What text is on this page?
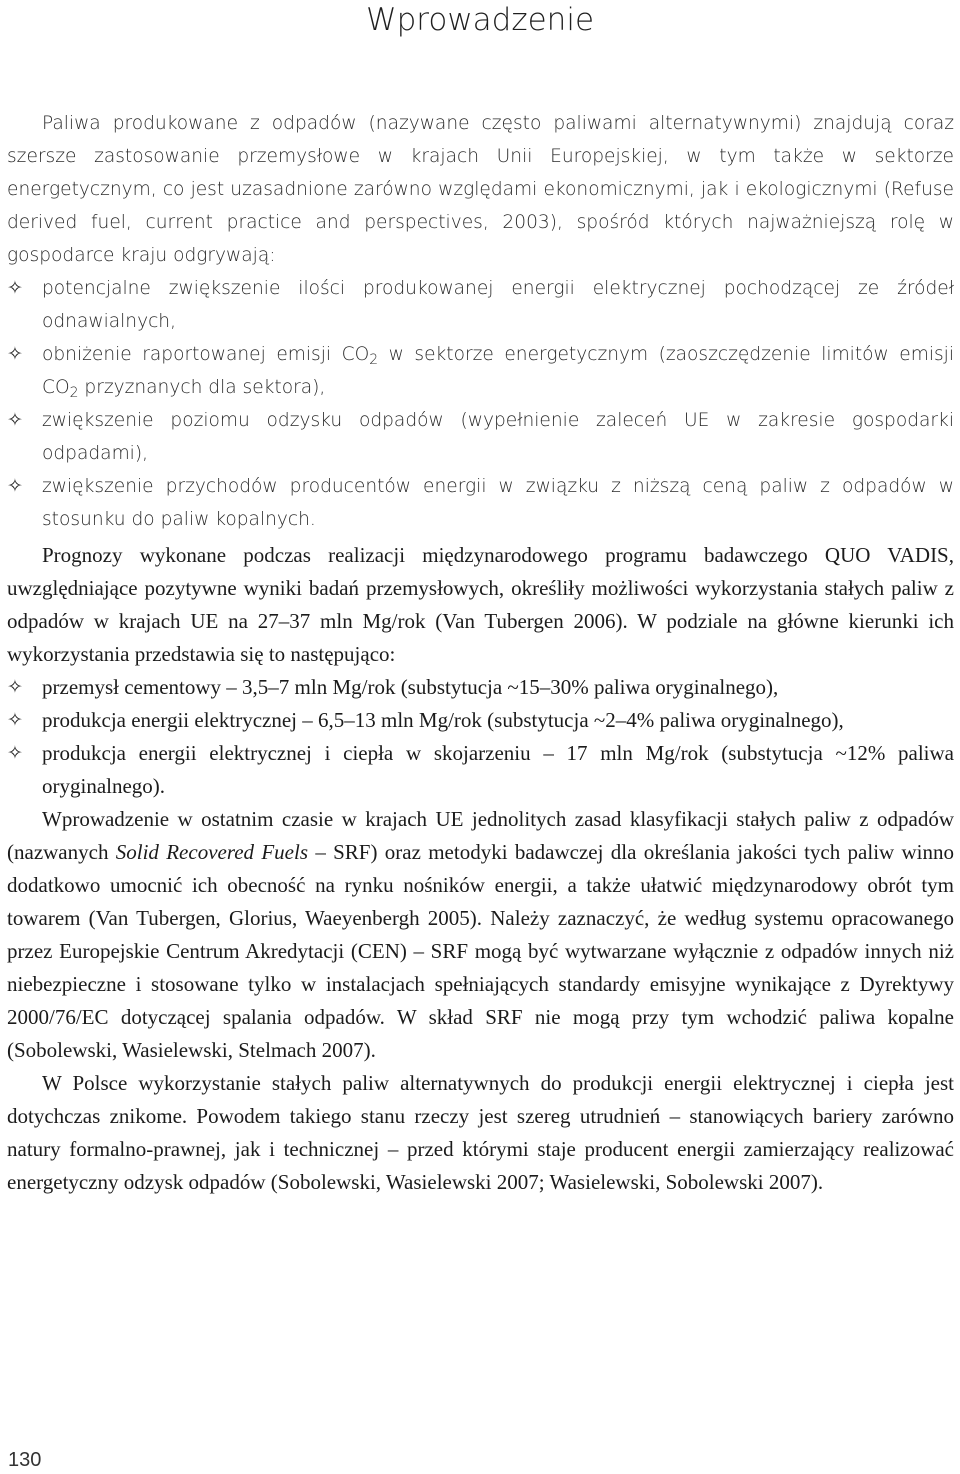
Wprowadzenie

Paliwa produkowane z odpadów (nazywane często paliwami alternatywnymi) znajdują coraz szersze zastosowanie przemysłowe w krajach Unii Europejskiej, w tym także w sektorze energetycznym, co jest uzasadnione zarówno względami ekonomicznymi, jak i ekologicznymi (Refuse derived fuel, current practice and perspectives, 2003), spośród których najważniejszą rolę w gospodarce kraju odgrywają:

✧	potencjalne zwiększenie ilości produkowanej energii elektrycznej pochodzącej ze źródeł odnawialnych,
✧	obniżenie raportowanej emisji $CO_2$ w sektorze energetycznym (zaoszczędzenie limitów emisji $CO_2$ przyznanych dla sektora),
✧	zwiększenie poziomu odzysku odpadów (wypełnienie zaleceń UE w zakresie gospodarki odpadami),
✧	zwiększenie przychodów producentów energii w związku z niższą ceną paliw z odpadów w stosunku do paliw kopalnych.

Prognozy wykonane podczas realizacji międzynarodowego programu badawczego QUO VADIS, uwzględniające pozytywne wyniki badań przemysłowych, określiły możliwości wykorzystania stałych paliw z odpadów w krajach UE na 27–37 mln Mg/rok (Van Tubergen 2006). W podziale na główne kierunki ich wykorzystania przedstawia się to następująco:

✧ przemysł cementowy – 3,5–7 mln Mg/rok (substytucja ~15–30% paliwa oryginalnego),
✧ produkcja energii elektrycznej – 6,5–13 mln Mg/rok (substytucja ~2–4% paliwa oryginalnego),
✧ produkcja energii elektrycznej i ciepła w skojarzeniu – 17 mln Mg/rok (substytucja ~12% paliwa oryginalnego).

Wprowadzenie w ostatnim czasie w krajach UE jednolitych zasad klasyfikacji stałych paliw z odpadów (nazwanych Solid Recovered Fuels – SRF) oraz metodyki badawczej dla określania jakości tych paliw winno dodatkowo umocnić ich obecność na rynku nośników energii, a także ułatwić międzynarodowy obrót tym towarem (Van Tubergen, Glorius, Waeyenbergh 2005). Należy zaznaczyć, że według systemu opracowanego przez Europejskie Centrum Akredytacji (CEN) – SRF mogą być wytwarzane wyłącznie z odpadów innych niż niebezpieczne i stosowane tylko w instalacjach spełniających standardy emisyjne wynikające z Dyrektywy 2000/76/EC dotyczącej spalania odpadów. W skład SRF nie mogą przy tym wchodzić paliwa kopalne (Sobolewski, Wasielewski, Stelmach 2007).

W Polsce wykorzystanie stałych paliw alternatywnych do produkcji energii elektrycznej i ciepła jest dotychczas znikome. Powodem takiego stanu rzeczy jest szereg utrudnień – stanowiących bariery zarówno natury formalno-prawnej, jak i technicznej – przed którymi staje producent energii zamierzający realizować energetyczny odzysk odpadów (Sobolewski, Wasielewski 2007; Wasielewski, Sobolewski 2007).

130
